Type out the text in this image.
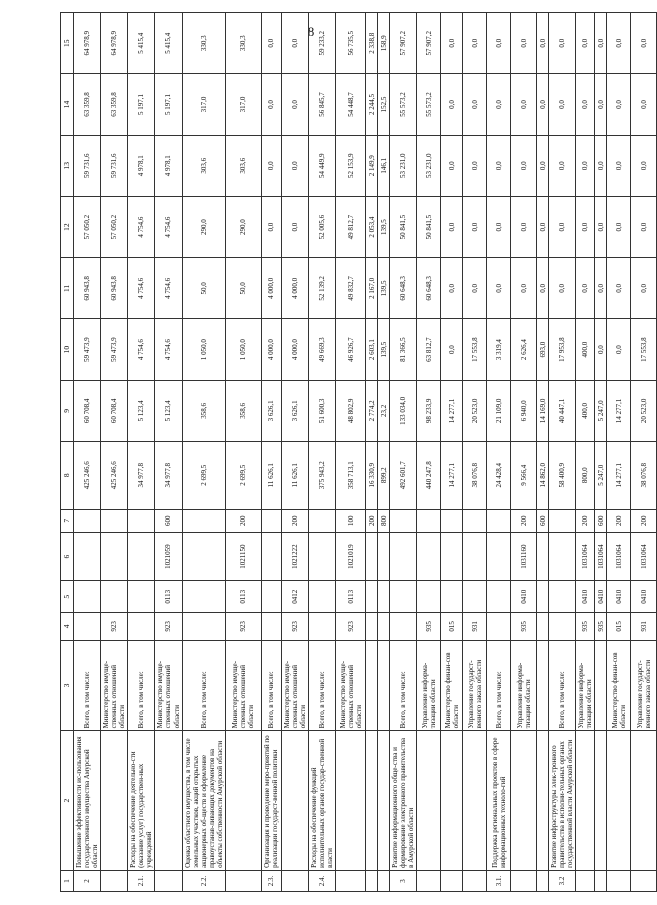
8
1	2	3	4	5	6	7	8	9	10	11	12	13	14	15
2	Повышение эффективности ис-пользования государственного имущества Амурской области	Всего, в том числе:					425 246,6	60 708,4	59 473,9	60 943,8	57 050,2	59 731,6	63 359,8	64 978,9
		Министерство имуще-ственных отношений области	923				425 246,6	60 708,4	59 473,9	60 943,8	57 050,2	59 731,6	63 359,8	64 978,9
2.1.	Расходы на обеспечение деятельно-сти (оказание услуг) государствен-ных учреждений	Всего, в том числе:					34 977,8	5 123,4	4 754,6	4 754,6	4 754,6	4 978,1	5 197,1	5 415,4
		Министерство имуще-ственных отношений области	923	0113	1021059	600	34 977,8	5 123,4	4 754,6	4 754,6	4 754,6	4 978,1	5 197,1	5 415,4
2.2.	Оценка областного имущества, в том числе земельных участков, акций открытых акционерных об-ществ и оформление правоустанав-ливающих документов на объекты собственности Амурской области	Всего, в том числе:					2 699,5	358,6	1 050,0	50,0	290,0	303,6	317,0	330,3
		Министерство имуще-ственных отношений области	923	0113	1021150	200	2 699,5	358,6	1 050,0	50,0	290,0	303,6	317,0	330,3
2.3.	Организация и проведение меро-приятий по реализации государст-венной политики	Всего, в том числе:					11 626,1	3 626,1	4 000,0	4 000,0	0,0	0,0	0,0	0,0
		Министерство имуще-ственных отношений области	923	0412	1021222	200	11 626,1	3 626,1	4 000,0	4 000,0	0,0	0,0	0,0	0,0
2.4.	Расходы на обеспечение функций исполнительных органов государ-ственной власти	Всего, в том числе:					375 943,2	51 600,3	49 669,3	52 139,2	52 005,6	54 449,9	56 845,7	59 233,2
		Министерство имуще-ственных отношений области	923	0113	1021019	100	358 713,1	48 802,9	46 926,7	49 832,7	49 812,7	52 153,9	54 448,7	56 735,5
						200	16 330,9	2 774,2	2 603,1	2 167,0	2 053,4	2 149,9	2 244,5	2 338,8
						800	899,2	23,2	139,5	139,5	139,5	146,1	152,5	158,9
3	Развитие информационного обще-ства и формирование электронного правительства в Амурской области	Всего, в том числе:					492 601,7	133 034,0	81 366,5	60 648,3	50 841,5	53 231,0	55 573,2	57 907,2
		Управление информа-тизации области	935				440 247,8	98 233,9	63 812,7	60 648,3	50 841,5	53 231,0	55 573,2	57 907,2
		Министерство финан-сов области	015				14 277,1	14 277,1	0,0	0,0	0,0	0,0	0,0	0,0
		Управление государст-венного заказа области	931				38 076,8	20 523,0	17 553,8	0,0	0,0	0,0	0,0	0,0
3.1.	Поддержка региональных проектов в сфере информационных техноло-гий	Всего, в том числе:					24 428,4	21 109,0	3 319,4	0,0	0,0	0,0	0,0	0,0
		Управление информа-тизации области	935	0410	1031160	200	9 566,4	6 940,0	2 626,4	0,0	0,0	0,0	0,0	0,0
						600	14 862,0	14 169,0	693,0	0,0	0,0	0,0	0,0	0,0
3.2	Развитие инфраструктуры элек-тронного правительства в исполни-тельных органах государственной власти Амурской области	Всего, в том числе:					58 400,9	40 447,1	17 953,8	0,0	0,0	0,0	0,0	0,0
		Управление информа-тизации области	935	0410	1031064	200	800,0	400,0	400,0	0,0	0,0	0,0	0,0	0,0
			935	0410	1031064	600	5 247,0	5 247,0	0,0	0,0	0,0	0,0	0,0	0,0
		Министерство финан-сов области	015	0410	1031064	200	14 277,1	14 277,1	0,0	0,0	0,0	0,0	0,0	0,0
		Управление государст-венного заказа области	931	0410	1031064	200	38 076,8	20 523,0	17 553,8	0,0	0,0	0,0	0,0	0,0
